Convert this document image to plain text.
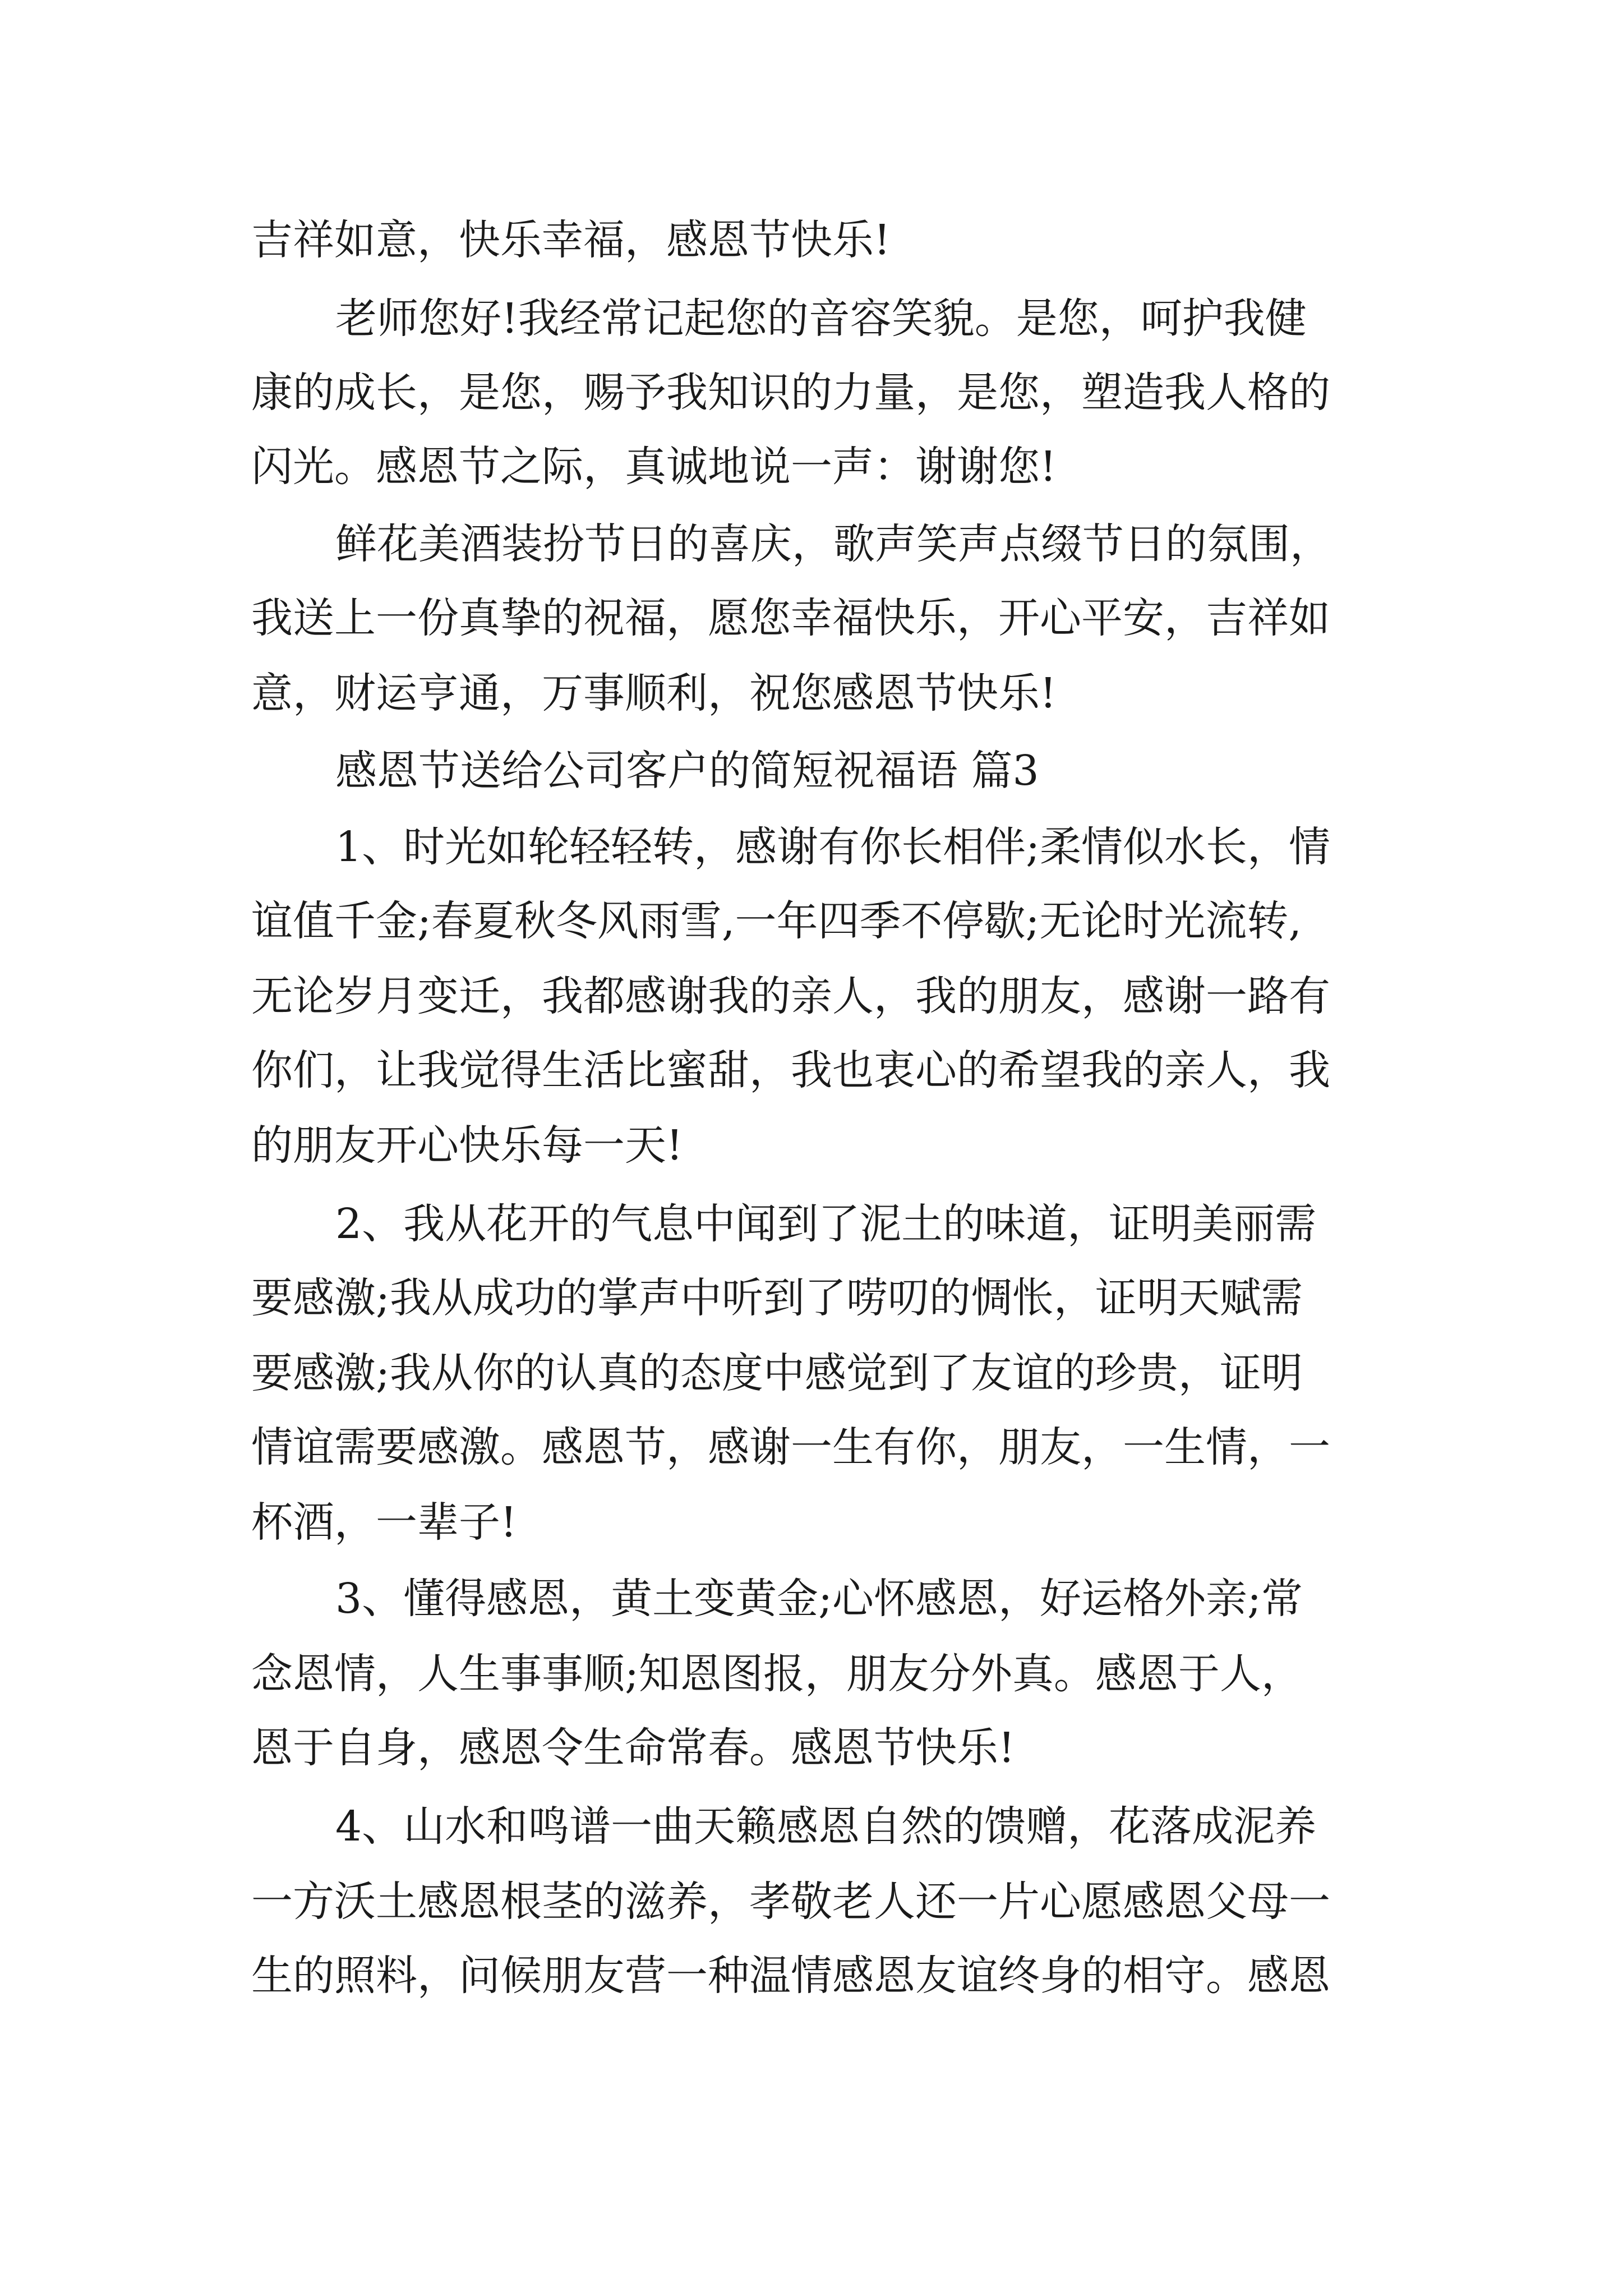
吉祥如意，快乐幸福，感恩节快乐!

老师您好!我经常记起您的音容笑貌。是您，呵护我健

康的成长，是您，赐予我知识的力量，是您，塑造我人格的

闪光。感恩节之际，真诚地说一声：谢谢您!

鲜花美酒装扮节日的喜庆，歌声笑声点缀节日的氛围，

我送上一份真挚的祝福，愿您幸福快乐，开心平安，吉祥如

意，财运亨通，万事顺利，祝您感恩节快乐!

感恩节送给公司客户的简短祝福语 篇3

1、时光如轮轻轻转，感谢有你长相伴;柔情似水长，情

谊值千金;春夏秋冬风雨雪,一年四季不停歇;无论时光流转,

无论岁月变迁，我都感谢我的亲人，我的朋友，感谢一路有

你们，让我觉得生活比蜜甜，我也衷心的希望我的亲人，我

的朋友开心快乐每一天!

2、我从花开的气息中闻到了泥土的味道，证明美丽需

要感激;我从成功的掌声中听到了唠叨的惆怅，证明天赋需

要感激;我从你的认真的态度中感觉到了友谊的珍贵，证明

情谊需要感激。感恩节，感谢一生有你，朋友，一生情，一

杯酒，一辈子!

3、懂得感恩，黄土变黄金;心怀感恩，好运格外亲;常

念恩情，人生事事顺;知恩图报，朋友分外真。感恩于人，

恩于自身，感恩令生命常春。感恩节快乐!

4、山水和鸣谱一曲天籁感恩自然的馈赠，花落成泥养

一方沃土感恩根茎的滋养，孝敬老人还一片心愿感恩父母一

生的照料，问候朋友营一种温情感恩友谊终身的相守。感恩
